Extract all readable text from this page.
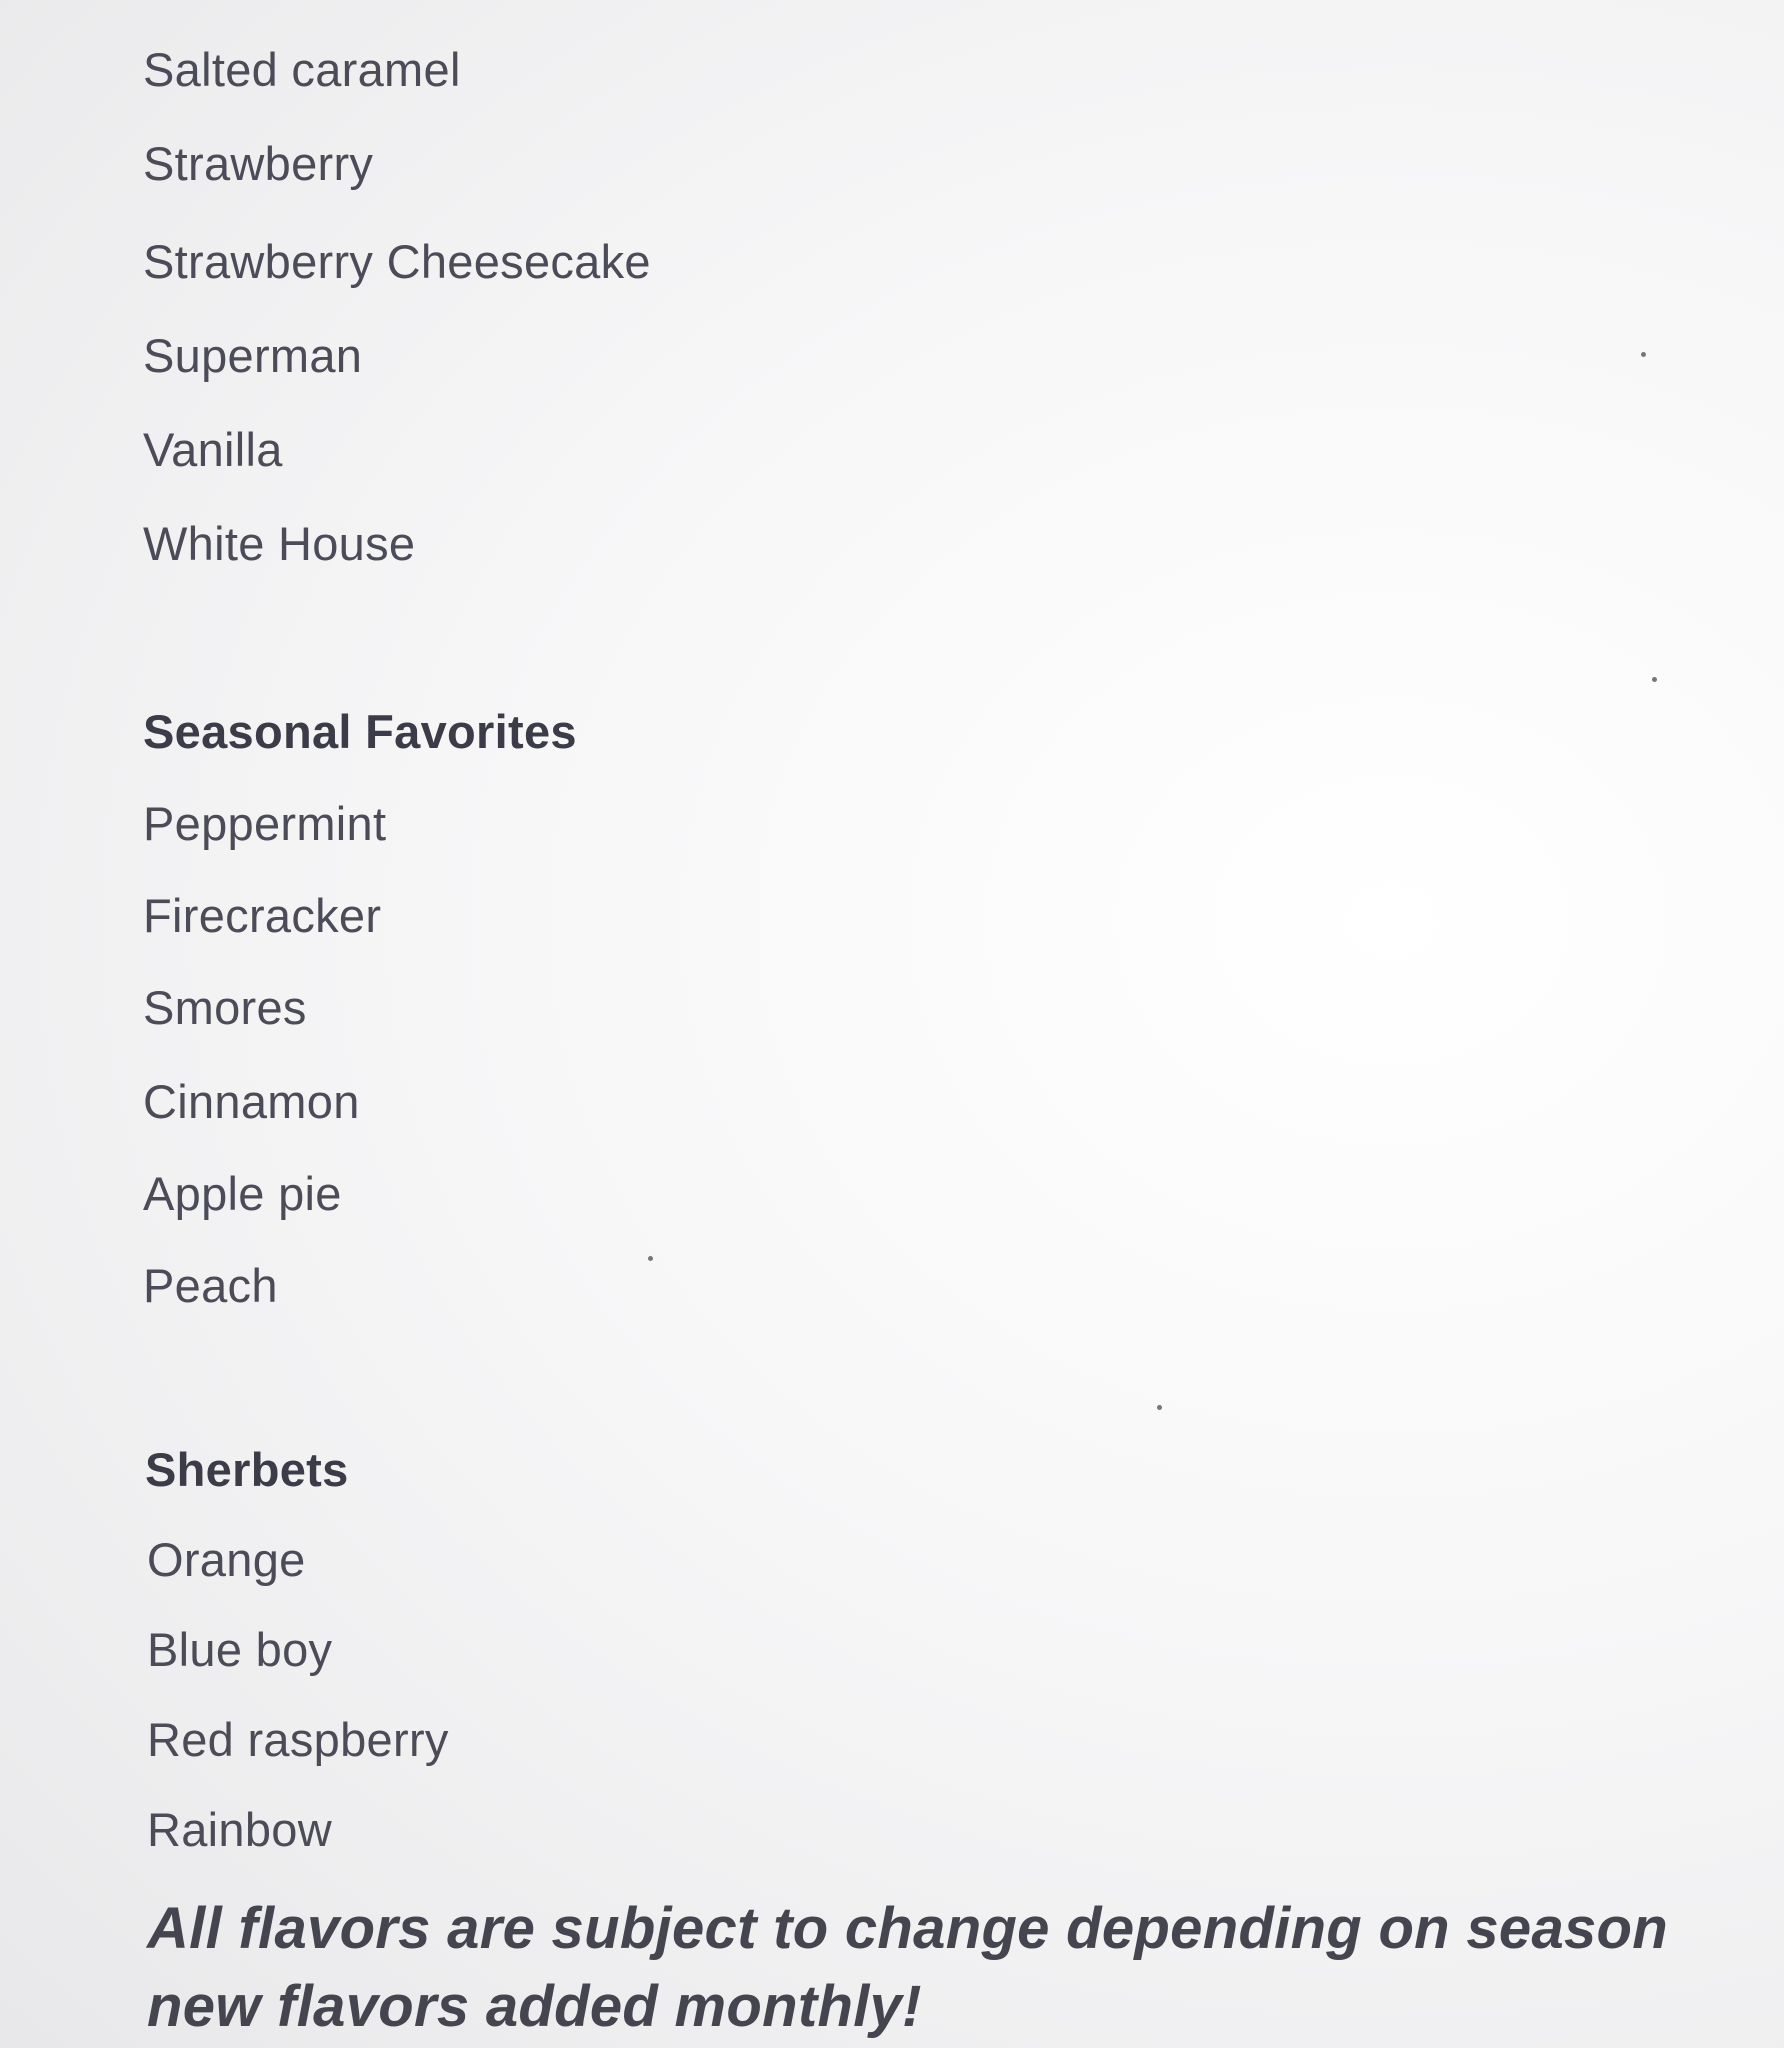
Salted caramel
Strawberry
Strawberry Cheesecake
Superman
Vanilla
White House
Seasonal Favorites
Peppermint
Firecracker
Smores
Cinnamon
Apple pie
Peach
Sherbets
Orange
Blue boy
Red raspberry
Rainbow
All flavors are subject to change depending on season
new flavors added monthly!
